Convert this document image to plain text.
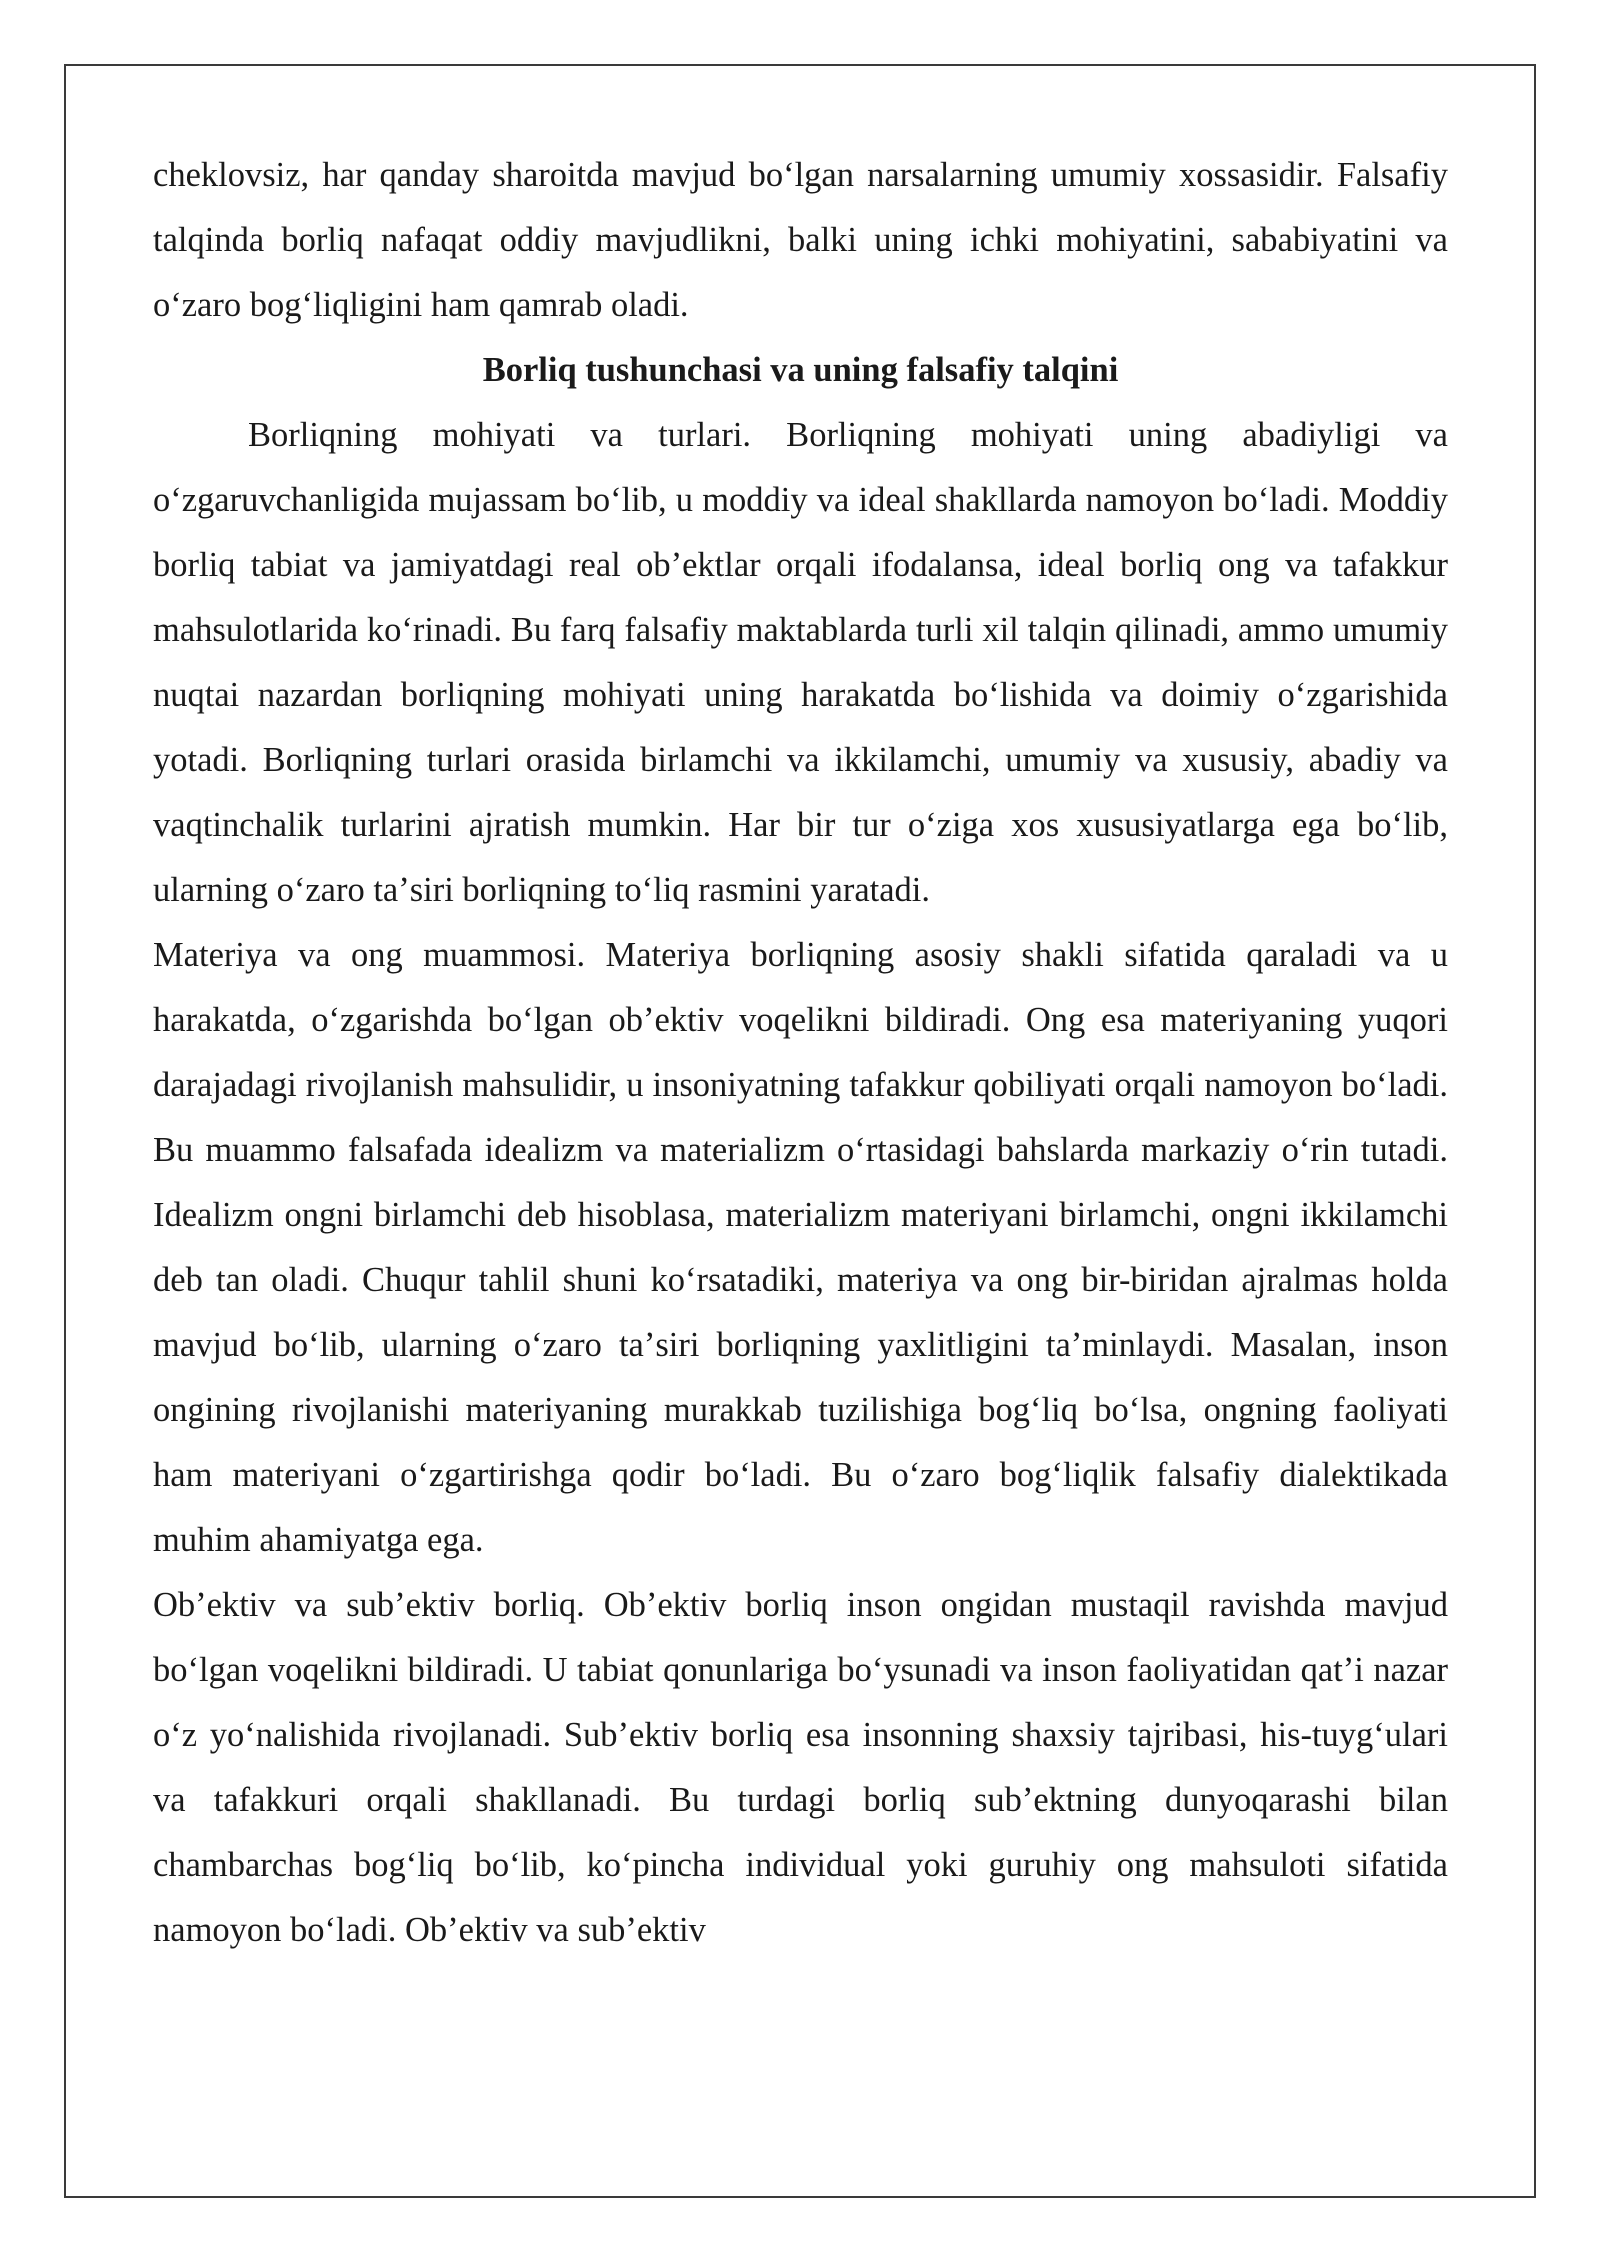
cheklovsiz, har qanday sharoitda mavjud boʻlgan narsalarning umumiy xossasidir. Falsafiy talqinda borliq nafaqat oddiy mavjudlikni, balki uning ichki mohiyatini, sababiyatini va oʻzaro bogʻliqligini ham qamrab oladi.

Borliq tushunchasi va uning falsafiy talqini

Borliqning mohiyati va turlari. Borliqning mohiyati uning abadiyligi va oʻzgaruvchanligida mujassam boʻlib, u moddiy va ideal shakllarda namoyon boʻladi. Moddiy borliq tabiat va jamiyatdagi real obʼektlar orqali ifodalansa, ideal borliq ong va tafakkur mahsulotlarida koʻrinadi. Bu farq falsafiy maktablarda turli xil talqin qilinadi, ammo umumiy nuqtai nazardan borliqning mohiyati uning harakatda boʻlishida va doimiy oʻzgarishida yotadi. Borliqning turlari orasida birlamchi va ikkilamchi, umumiy va xususiy, abadiy va vaqtinchalik turlarini ajratish mumkin. Har bir tur oʻziga xos xususiyatlarga ega boʻlib, ularning oʻzaro taʼsiri borliqning toʻliq rasmini yaratadi.

Materiya va ong muammosi. Materiya borliqning asosiy shakli sifatida qaraladi va u harakatda, oʻzgarishda boʻlgan obʼektiv voqelikni bildiradi. Ong esa materiyaning yuqori darajadagi rivojlanish mahsulidir, u insoniyatning tafakkur qobiliyati orqali namoyon boʻladi. Bu muammo falsafada idealizm va materializm oʻrtasidagi bahslarda markaziy oʻrin tutadi. Idealizm ongni birlamchi deb hisoblasa, materializm materiyani birlamchi, ongni ikkilamchi deb tan oladi. Chuqur tahlil shuni koʻrsatadiki, materiya va ong bir-biridan ajralmas holda mavjud boʻlib, ularning oʻzaro taʼsiri borliqning yaxlitligini taʼminlaydi. Masalan, inson ongining rivojlanishi materiyaning murakkab tuzilishiga bogʻliq boʻlsa, ongning faoliyati ham materiyani oʻzgartirishga qodir boʻladi. Bu oʻzaro bogʻliqlik falsafiy dialektikada muhim ahamiyatga ega.

Obʼektiv va subʼektiv borliq. Obʼektiv borliq inson ongidan mustaqil ravishda mavjud boʻlgan voqelikni bildiradi. U tabiat qonunlariga boʻysunadi va inson faoliyatidan qatʼi nazar oʻz yoʻnalishida rivojlanadi. Subʼektiv borliq esa insonning shaxsiy tajribasi, his-tuygʻulari va tafakkuri orqali shakllanadi. Bu turdagi borliq subʼektning dunyoqarashi bilan chambarchas bogʻliq boʻlib, koʻpincha individual yoki guruhiy ong mahsuloti sifatida namoyon boʻladi. Obʼektiv va subʼektiv
